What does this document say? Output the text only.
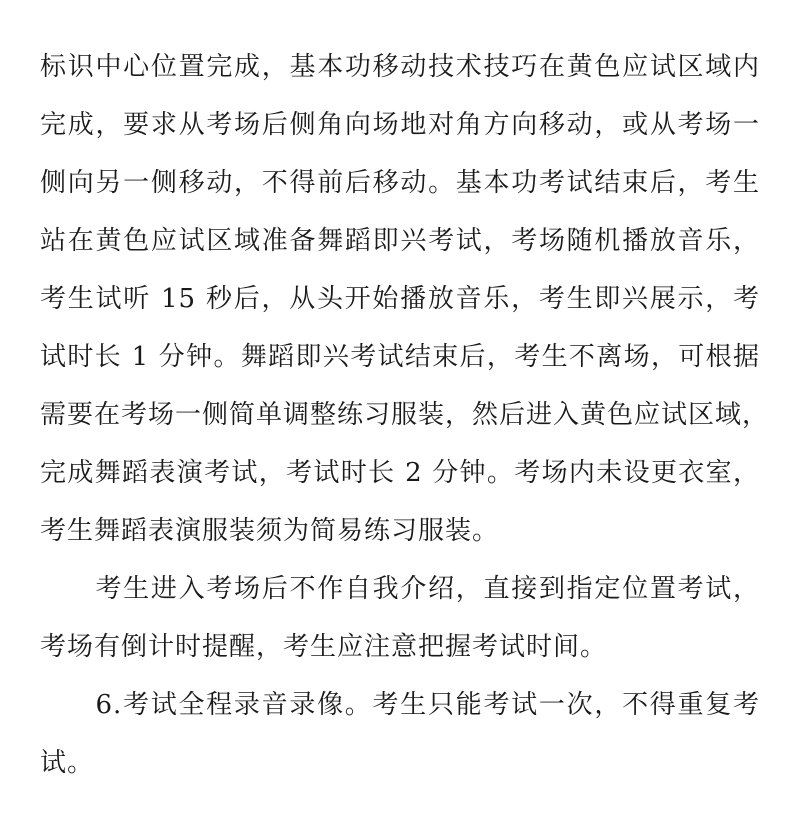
标识中心位置完成，基本功移动技术技巧在黄色应试区域内
完成，要求从考场后侧角向场地对角方向移动，或从考场一
侧向另一侧移动，不得前后移动。基本功考试结束后，考生
站在黄色应试区域准备舞蹈即兴考试，考场随机播放音乐，
考生试听 15 秒后，从头开始播放音乐，考生即兴展示，考
试时长 1 分钟。舞蹈即兴考试结束后，考生不离场，可根据
需要在考场一侧简单调整练习服装，然后进入黄色应试区域，
完成舞蹈表演考试，考试时长 2 分钟。考场内未设更衣室，
考生舞蹈表演服装须为简易练习服装。
　　考生进入考场后不作自我介绍，直接到指定位置考试，
考场有倒计时提醒，考生应注意把握考试时间。
　　6.考试全程录音录像。考生只能考试一次，不得重复考
试。
